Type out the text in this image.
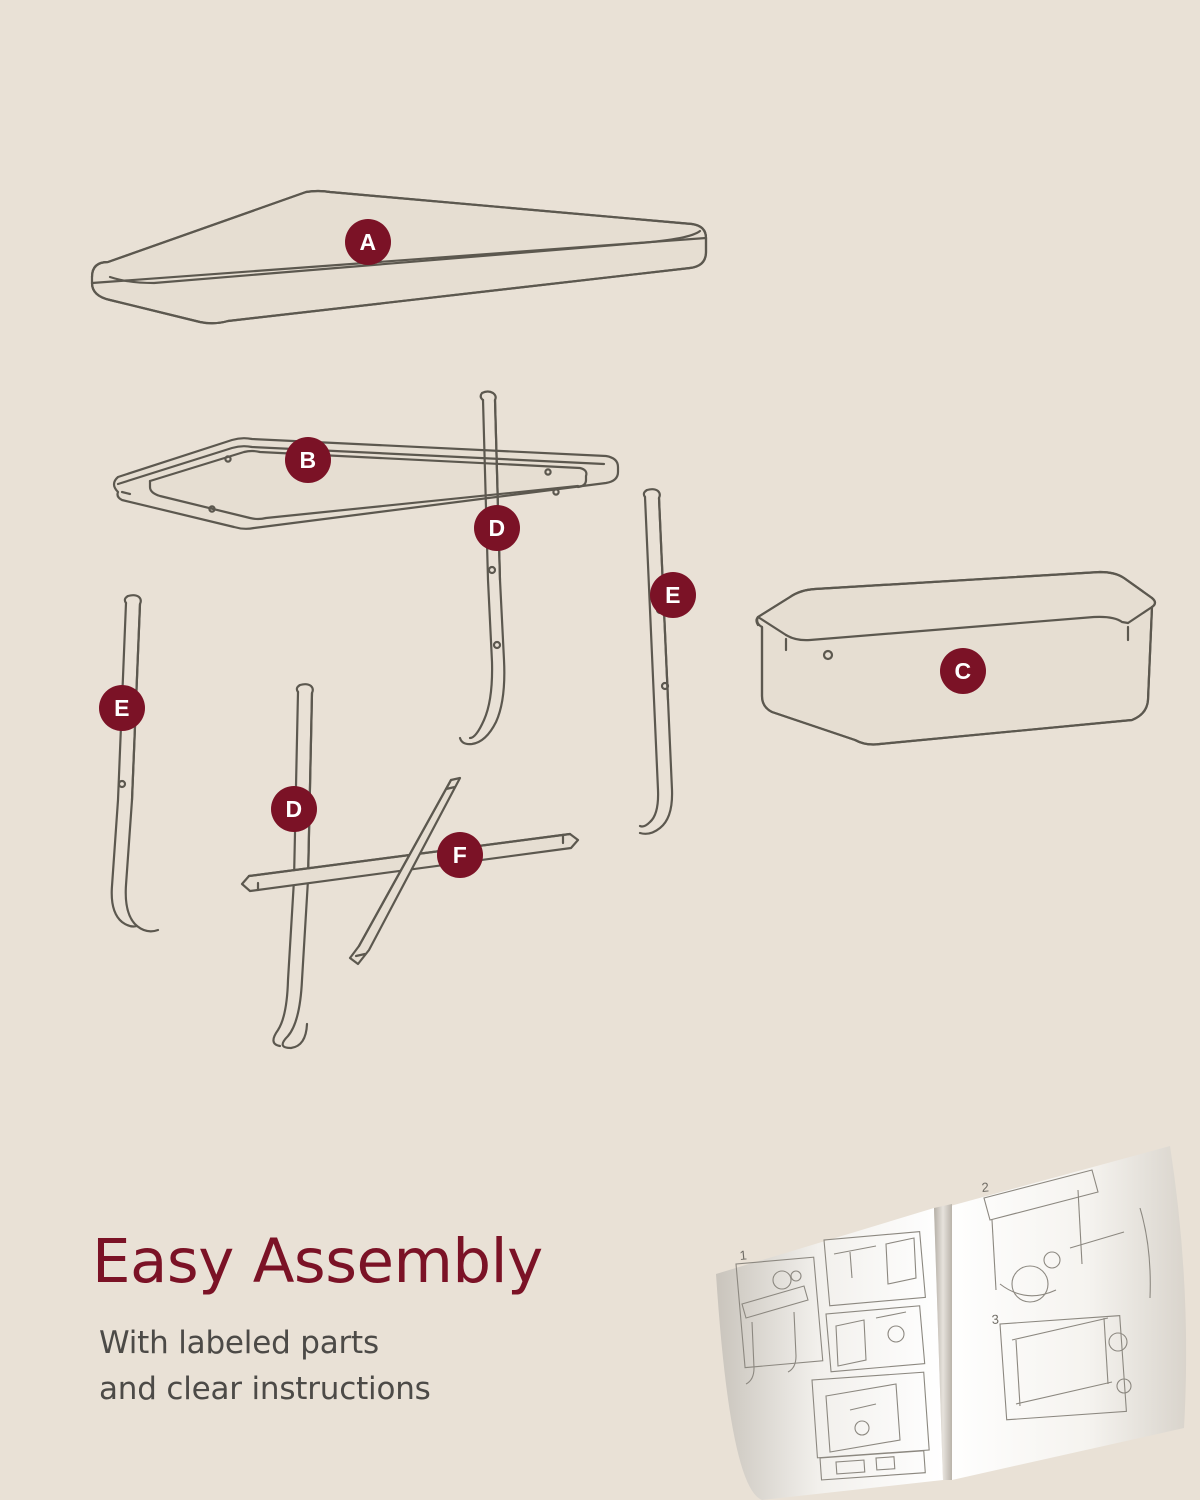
A
B
D
E
C
E
D
F
Easy Assembly
With labeled parts
and clear instructions
1
2
3
